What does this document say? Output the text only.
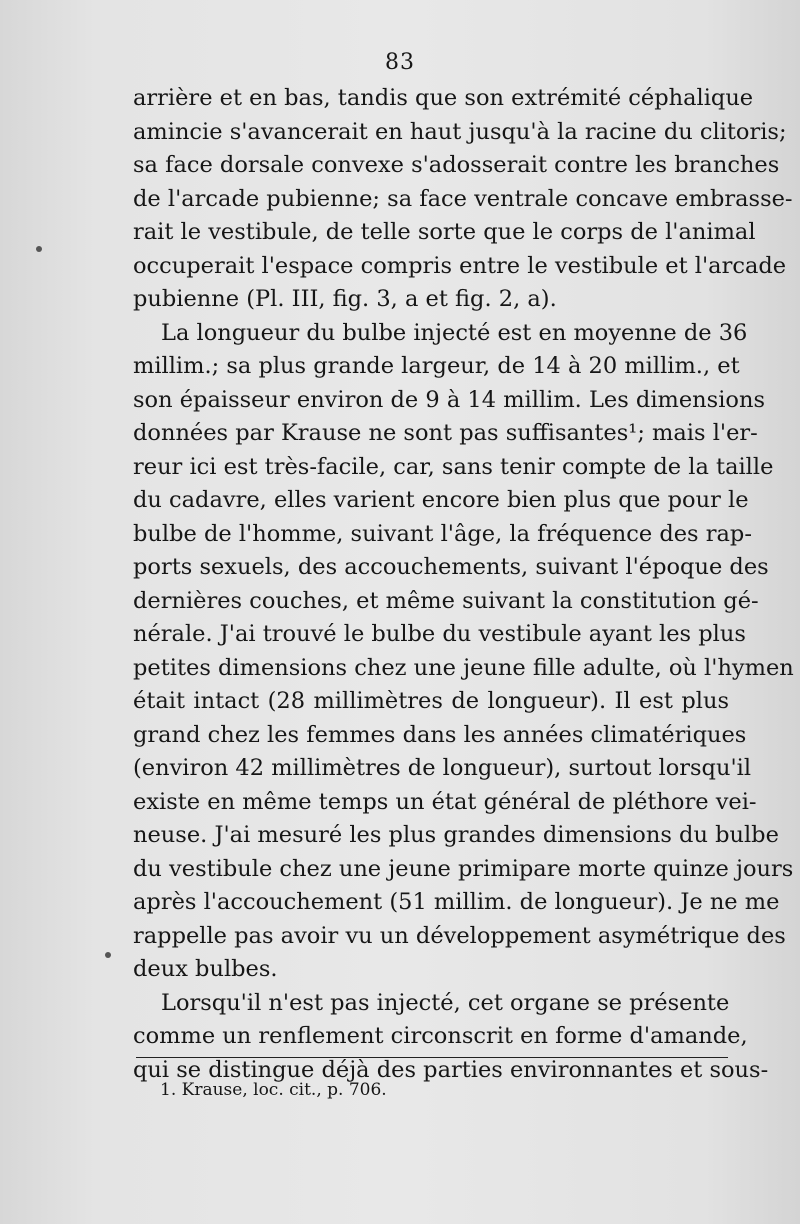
83
arrière et en bas, tandis que son extrémité céphalique
amincie s'avancerait en haut jusqu'à la racine du clitoris;
sa face dorsale convexe s'adosserait contre les branches
de l'arcade pubienne; sa face ventrale concave embrasse-
rait le vestibule, de telle sorte que le corps de l'animal
occuperait l'espace compris entre le vestibule et l'arcade
pubienne (Pl. III, fig. 3, a et fig. 2, a).
La longueur du bulbe injecté est en moyenne de 36
millim.; sa plus grande largeur, de 14 à 20 millim., et
son épaisseur environ de 9 à 14 millim. Les dimensions
données par Krause ne sont pas suffisantes¹; mais l'er-
reur ici est très-facile, car, sans tenir compte de la taille
du cadavre, elles varient encore bien plus que pour le
bulbe de l'homme, suivant l'âge, la fréquence des rap-
ports sexuels, des accouchements, suivant l'époque des
dernières couches, et même suivant la constitution gé-
nérale. J'ai trouvé le bulbe du vestibule ayant les plus
petites dimensions chez une jeune fille adulte, où l'hymen
était intact (28 millimètres de longueur). Il est plus
grand chez les femmes dans les années climatériques
(environ 42 millimètres de longueur), surtout lorsqu'il
existe en même temps un état général de pléthore vei-
neuse. J'ai mesuré les plus grandes dimensions du bulbe
du vestibule chez une jeune primipare morte quinze jours
après l'accouchement (51 millim. de longueur). Je ne me
rappelle pas avoir vu un développement asymétrique des
deux bulbes.
Lorsqu'il n'est pas injecté, cet organe se présente
comme un renflement circonscrit en forme d'amande,
qui se distingue déjà des parties environnantes et sous-
1. Krause, loc. cit., p. 706.
